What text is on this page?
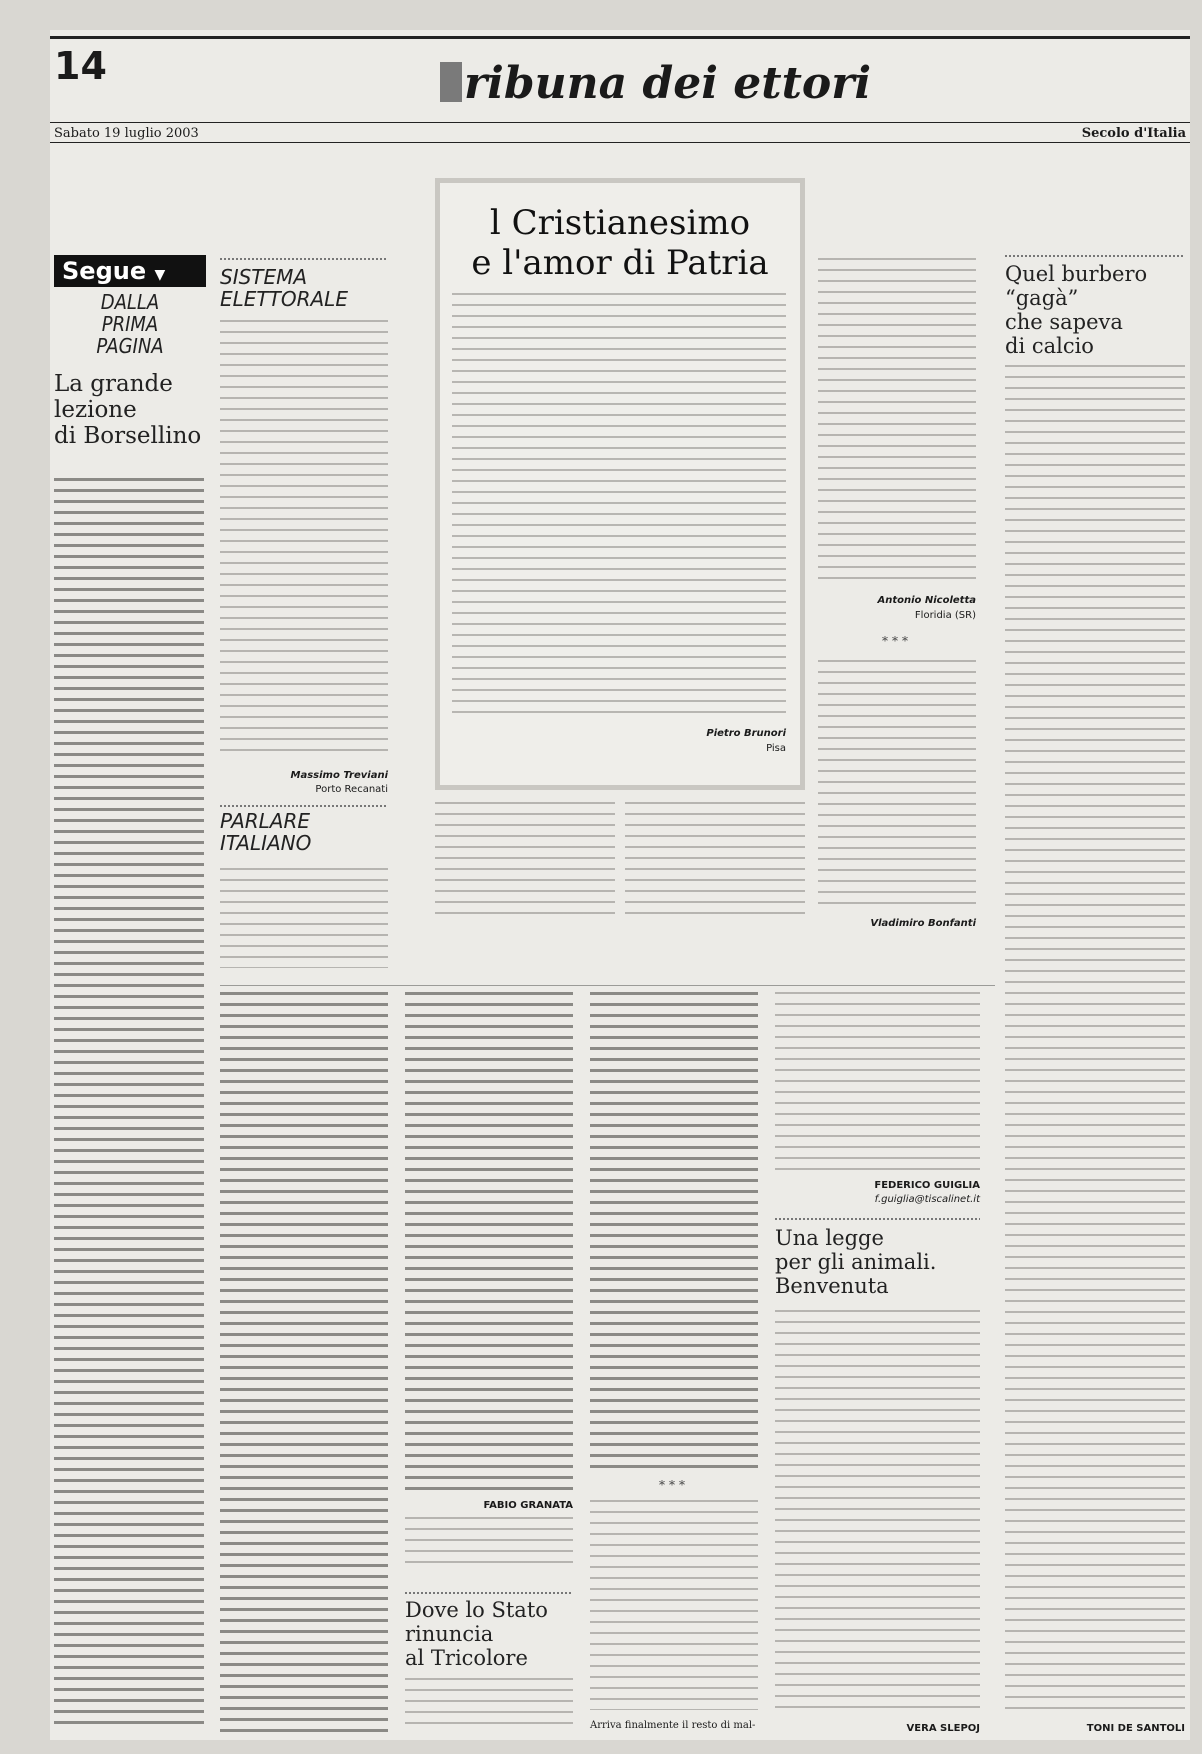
14	ribuna dei ettori
Sabato 19 luglio 2003	Secolo d'Italia
Segue ▼
DALLA
PRIMA
PAGINA
La grande
lezione
di Borsellino
SISTEMA
ELETTORALE
Massimo Treviani
Porto Recanati
PARLARE
ITALIANO
l Cristianesimo
e l'amor di Patria
Pietro Brunori
Pisa
Antonio Nicoletta
Floridia (SR)
***
Vladimiro Bonfanti
Quel burbero
“gagà”
che sapeva
di calcio
TONI DE SANTOLI
FABIO GRANATA
***
Dove lo Stato
rinuncia
al Tricolore
Arriva finalmente il resto di mal-
FEDERICO GUIGLIA
f.guiglia@tiscalinet.it
Una legge
per gli animali.
Benvenuta
VERA SLEPOJ
